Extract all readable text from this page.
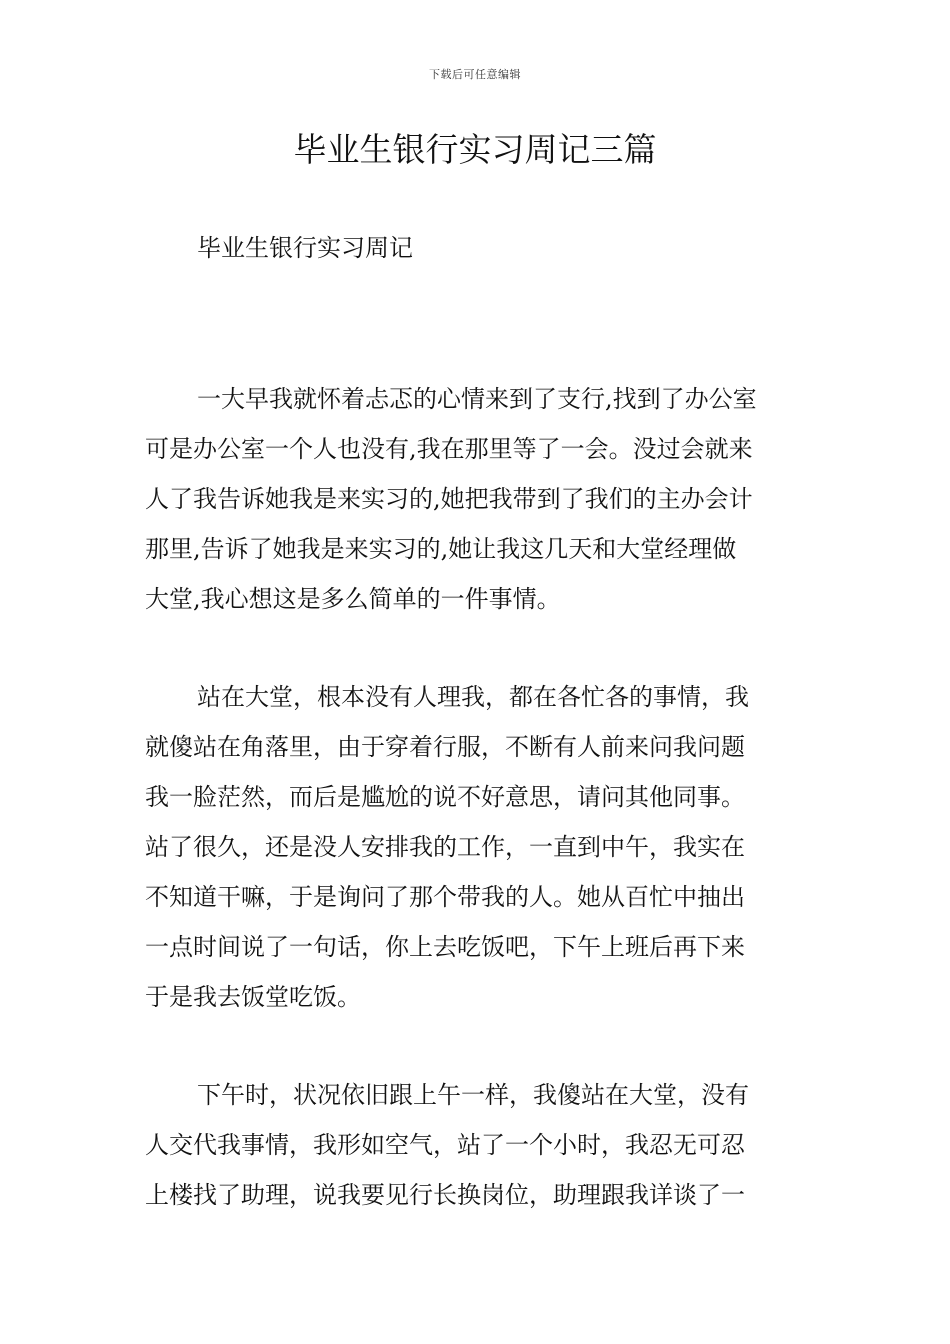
下载后可任意编辑
毕业生银行实习周记三篇
毕业生银行实习周记
一大早我就怀着忐忑的心情来到了支行,找到了办公室
可是办公室一个人也没有,我在那里等了一会。没过会就来
人了我告诉她我是来实习的,她把我带到了我们的主办会计
那里,告诉了她我是来实习的,她让我这几天和大堂经理做
大堂,我心想这是多么简单的一件事情。
站在大堂，根本没有人理我，都在各忙各的事情，我
就傻站在角落里，由于穿着行服，不断有人前来问我问题
我一脸茫然，而后是尴尬的说不好意思，请问其他同事。
站了很久，还是没人安排我的工作，一直到中午，我实在
不知道干嘛，于是询问了那个带我的人。她从百忙中抽出
一点时间说了一句话，你上去吃饭吧，下午上班后再下来
于是我去饭堂吃饭。
下午时，状况依旧跟上午一样，我傻站在大堂，没有
人交代我事情，我形如空气，站了一个小时，我忍无可忍
上楼找了助理，说我要见行长换岗位，助理跟我详谈了一
